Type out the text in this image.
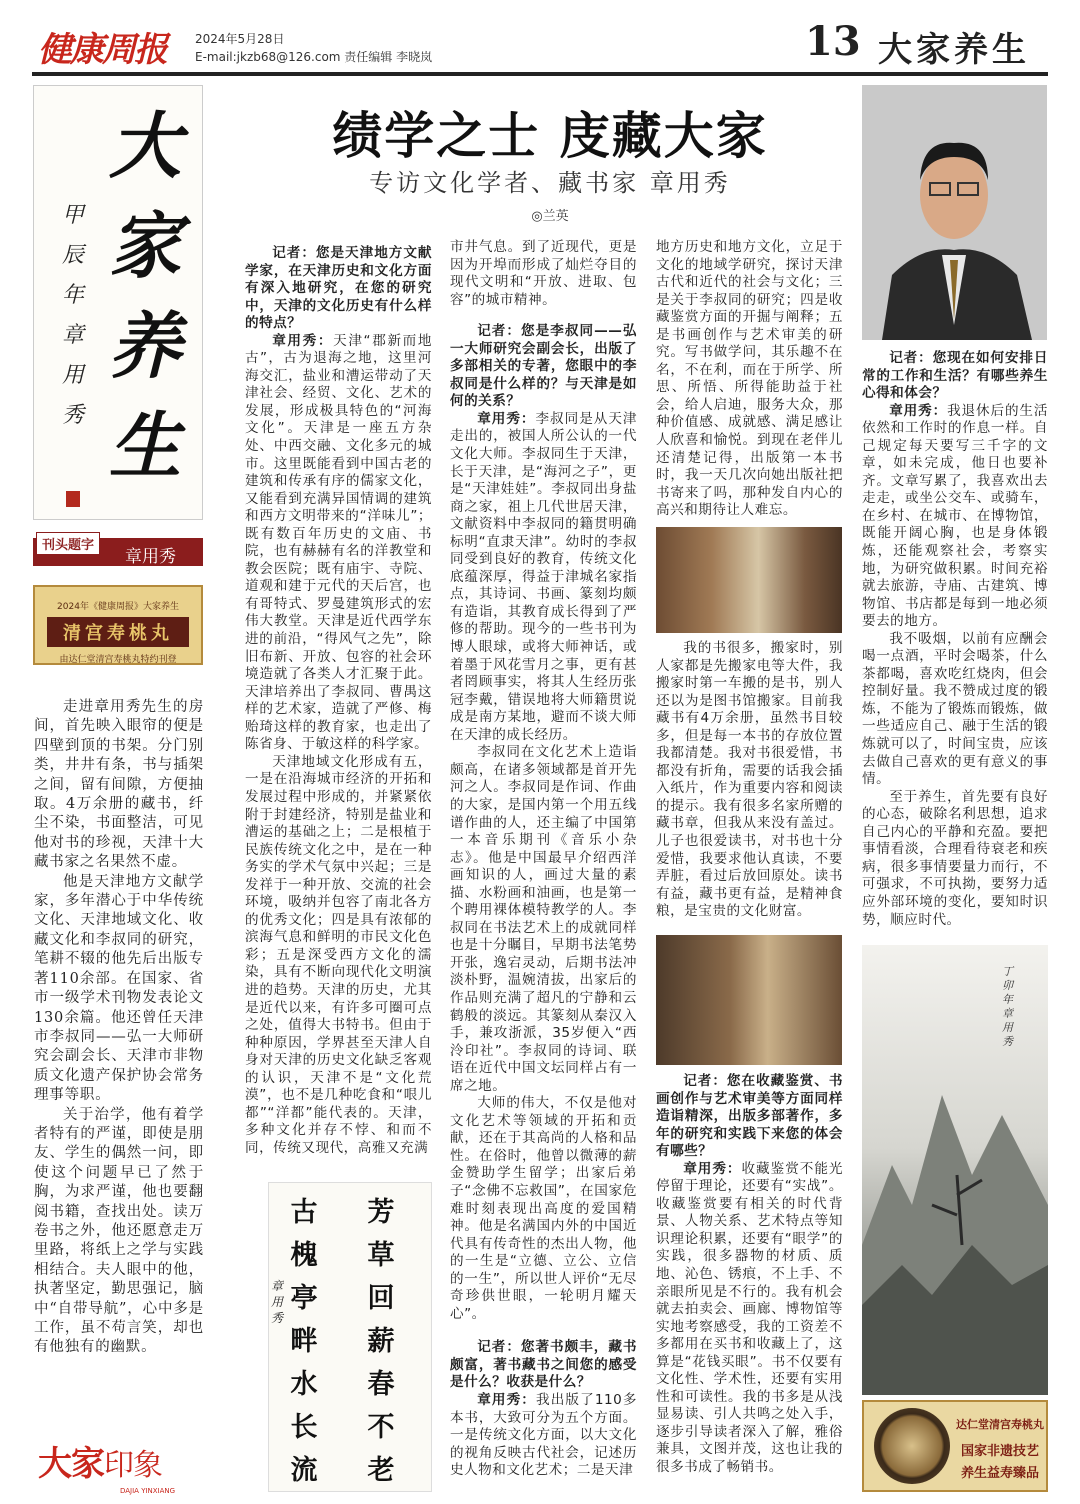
健康周报 2024年5月28日
E-mail:jkzb68@126.com 责任编辑 李晓岚	13 大家养生
大家养生
甲辰年章用秀
刊头题字
章用秀
2024年《健康周报》大家养生
清宫寿桃丸
由达仁堂清宫寿桃丸特约刊登

走进章用秀先生的房间，首先映入眼帘的便是四壁到顶的书架。分门别类，井井有条，书与插架之间，留有间隙，方便抽取。4万余册的藏书，纤尘不染，书面整洁，可见他对书的珍视，天津十大藏书家之名果然不虚。

他是天津地方文献学家，多年潜心于中华传统文化、天津地域文化、收藏文化和李叔同的研究，笔耕不辍的他先后出版专著110余部。在国家、省市一级学术刊物发表论文130余篇。他还曾任天津市李叔同——弘一大师研究会副会长、天津市非物质文化遗产保护协会常务理事等职。

关于治学，他有着学者特有的严谨，即使是朋友、学生的偶然一问，即使这个问题早已了然于胸，为求严谨，他也要翻阅书籍，查找出处。读万卷书之外，他还愿意走万里路，将纸上之学与实践相结合。夫人眼中的他，执著坚定，勤思强记，脑中“自带导航”，心中多是工作，虽不苟言笑，却也有他独有的幽默。

大家印象
DAJIA YINXIANG
绩学之士 庋藏大家
专访文化学者、藏书家 章用秀
◎兰英

记者：您是天津地方文献学家，在天津历史和文化方面有深入地研究，在您的研究中，天津的文化历史有什么样的特点？

章用秀：天津“郡新而地古”，古为退海之地，这里河海交汇，盐业和漕运带动了天津社会、经贸、文化、艺术的发展，形成极具特色的“河海文化”。天津是一座五方杂处、中西交融、文化多元的城市。这里既能看到中国古老的建筑和传承有序的儒家文化，又能看到充满异国情调的建筑和西方文明带来的“洋味儿”；既有数百年历史的文庙、书院，也有赫赫有名的洋教堂和教会医院；既有庙宇、寺院、道观和建于元代的天后宫，也有哥特式、罗曼建筑形式的宏伟大教堂。天津是近代西学东进的前沿，“得风气之先”，除旧布新、开放、包容的社会环境造就了各类人才汇聚于此。天津培养出了李叔同、曹禺这样的艺术家，造就了严修、梅贻琦这样的教育家，也走出了陈省身、于敏这样的科学家。

天津地域文化形成有五，一是在沿海城市经济的开拓和发展过程中形成的，并紧紧依附于封建经济，特别是盐业和漕运的基础之上；二是根植于民族传统文化之中，是在一种务实的学术气氛中兴起；三是发祥于一种开放、交流的社会环境，吸纳并包容了南北各方的优秀文化；四是具有浓郁的滨海气息和鲜明的市民文化色彩；五是深受西方文化的濡染，具有不断向现代化文明演进的趋势。天津的历史，尤其是近代以来，有许多可圈可点之处，值得大书特书。但由于种种原因，学界甚至天津人自身对天津的历史文化缺乏客观的认识，天津不是“文化荒漠”，也不是几种吃食和“哏儿都”“洋都”能代表的。天津，多种文化并存不悖、和而不同，传统又现代，高雅又充满

市井气息。到了近现代，更是因为开埠而形成了灿烂夺目的现代文明和“开放、进取、包容”的城市精神。

记者：您是李叔同——弘一大师研究会副会长，出版了多部相关的专著，您眼中的李叔同是什么样的？与天津是如何的关系？

章用秀：李叔同是从天津走出的，被国人所公认的一代文化大师。李叔同生于天津，长于天津，是“海河之子”，更是“天津娃娃”。李叔同出身盐商之家，祖上几代世居天津，文献资料中李叔同的籍贯明确标明“直隶天津”。幼时的李叔同受到良好的教育，传统文化底蕴深厚，得益于津城名家指点，其诗词、书画、篆刻均颇有造诣，其教育成长得到了严修的帮助。现今的一些书刊为博人眼球，或将大师神话，或着墨于风花雪月之事，更有甚者罔顾事实，将其人生经历张冠李戴，错误地将大师籍贯说成是南方某地，避而不谈大师在天津的成长经历。

李叔同在文化艺术上造诣颇高，在诸多领域都是首开先河之人。李叔同是作词、作曲的大家，是国内第一个用五线谱作曲的人，还主编了中国第一本音乐期刊《音乐小杂志》。他是中国最早介绍西洋画知识的人，画过大量的素描、水粉画和油画，也是第一个聘用裸体模特教学的人。李叔同在书法艺术上的成就同样也是十分瞩目，早期书法笔势开张，逸宕灵动，后期书法冲淡朴野，温婉清拔，出家后的作品则充满了超凡的宁静和云鹤般的淡远。其篆刻从秦汉入手，兼攻浙派，35岁便入“西泠印社”。李叔同的诗词、联语在近代中国文坛同样占有一席之地。

大师的伟大，不仅是他对文化艺术等领域的开拓和贡献，还在于其高尚的人格和品性。在俗时，他曾以微薄的薪金赞助学生留学；出家后弟子“念佛不忘救国”，在国家危难时刻表现出高度的爱国精神。他是名满国内外的中国近代具有传奇性的杰出人物，他的一生是“立德、立公、立信的一生”，所以世人评价“无尽奇珍供世眼，一轮明月耀天心”。

记者：您著书颇丰，藏书颇富，著书藏书之间您的感受是什么？收获是什么？

章用秀：我出版了110多本书，大致可分为五个方面。一是传统文化方面，以大文化的视角反映古代社会，记述历史人物和文化艺术；二是天津

地方历史和地方文化，立足于文化的地域学研究，探讨天津古代和近代的社会与文化；三是关于李叔同的研究；四是收藏鉴赏方面的开掘与阐释；五是书画创作与艺术审美的研究。写书做学问，其乐趣不在名，不在利，而在于所学、所思、所悟、所得能助益于社会，给人启迪，服务大众，那种价值感、成就感、满足感让人欣喜和愉悦。到现在老伴儿还清楚记得，出版第一本书时，我一天几次向她出版社把书寄来了吗，那种发自内心的高兴和期待让人难忘。

我的书很多，搬家时，别人家都是先搬家电等大件，我搬家时第一车搬的是书，别人还以为是图书馆搬家。目前我藏书有4万余册，虽然书目较多，但是每一本书的存放位置我都清楚。我对书很爱惜，书都没有折角，需要的话我会插入纸片，作为重要内容和阅读的提示。我有很多名家所赠的藏书章，但我从来没有盖过。儿子也很爱读书，对书也十分爱惜，我要求他认真读，不要弄脏，看过后放回原处。读书有益，藏书更有益，是精神食粮，是宝贵的文化财富。

记者：您在收藏鉴赏、书画创作与艺术审美等方面同样造诣精深，出版多部著作，多年的研究和实践下来您的体会有哪些？

章用秀：收藏鉴赏不能光停留于理论，还要有“实战”。收藏鉴赏要有相关的时代背景、人物关系、艺术特点等知识理论积累，还要有“眼学”的实践，很多器物的材质、质地、沁色、锈痕，不上手、不亲眼所见是不行的。我有机会就去拍卖会、画廊、博物馆等实地考察感受，我的工资差不多都用在买书和收藏上了，这算是“花钱买眼”。书不仅要有文化性、学术性，还要有实用性和可读性。我的书多是从浅显易读、引人共鸣之处入手，逐步引导读者深入了解，雅俗兼具，文图并茂，这也让我的很多书成了畅销书。

记者：您现在如何安排日常的工作和生活？有哪些养生心得和体会？

章用秀：我退休后的生活依然和工作时的作息一样。自己规定每天要写三千字的文章，如未完成，他日也要补齐。文章写累了，我喜欢出去走走，或坐公交车、或骑车，在乡村、在城市、在博物馆，既能开阔心胸，也是身体锻炼，还能观察社会，考察实地，为研究做积累。时间充裕就去旅游，寺庙、古建筑、博物馆、书店都是每到一地必须要去的地方。

我不吸烟，以前有应酬会喝一点酒，平时会喝茶，什么茶都喝，喜欢吃红烧肉，但会控制好量。我不赞成过度的锻炼，不能为了锻炼而锻炼，做一些适应自己、融于生活的锻炼就可以了，时间宝贵，应该去做自己喜欢的更有意义的事情。

至于养生，首先要有良好的心态，破除名利思想，追求自己内心的平静和充盈。要把事情看淡，合理看待衰老和疾病，很多事情要量力而行，不可强求，不可执拗，要努力适应外部环境的变化，要知时识势，顺应时代。

芳草回薪春不老
古槐亭畔水长流
章用秀
丁卯年章用秀
达仁堂清宫寿桃丸
国家非遗技艺
养生益寿臻品
